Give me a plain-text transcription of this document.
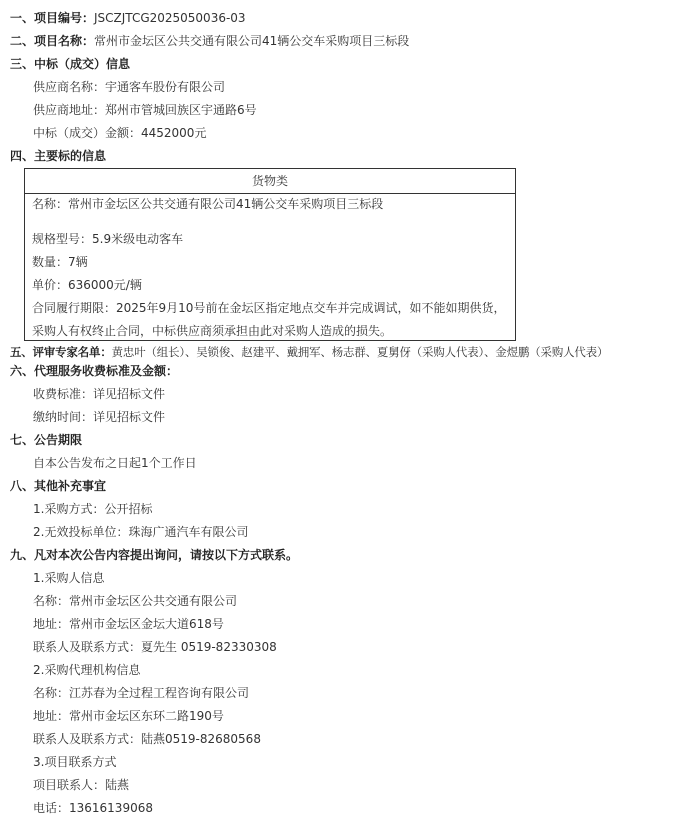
一、项目编号：JSCZJTCG2025050036-03
二、项目名称：常州市金坛区公共交通有限公司41辆公交车采购项目三标段
三、中标（成交）信息
供应商名称：宇通客车股份有限公司
供应商地址：郑州市管城回族区宇通路6号
中标（成交）金额：4452000元
四、主要标的信息
货物类
名称：常州市金坛区公共交通有限公司41辆公交车采购项目三标段
规格型号：5.9米级电动客车
数量：7辆
单价：636000元/辆
合同履行期限：2025年9月10号前在金坛区指定地点交车并完成调试，如不能如期供货，
采购人有权终止合同，中标供应商须承担由此对采购人造成的损失。
五、评审专家名单：黄忠叶（组长）、吴锁俊、赵建平、戴拥军、杨志群、夏舅伢（采购人代表）、金煜鹏（采购人代表）
六、代理服务收费标准及金额：
收费标准：详见招标文件
缴纳时间：详见招标文件
七、公告期限
自本公告发布之日起1个工作日
八、其他补充事宜
1.采购方式：公开招标
2.无效投标单位：珠海广通汽车有限公司
九、凡对本次公告内容提出询问，请按以下方式联系。
1.采购人信息
名称：常州市金坛区公共交通有限公司
地址：常州市金坛区金坛大道618号
联系人及联系方式：夏先生 0519-82330308
2.采购代理机构信息
名称：江苏春为全过程工程咨询有限公司
地址：常州市金坛区东环二路190号
联系人及联系方式：陆燕0519-82680568
3.项目联系方式
项目联系人：陆燕
电话：13616139068
